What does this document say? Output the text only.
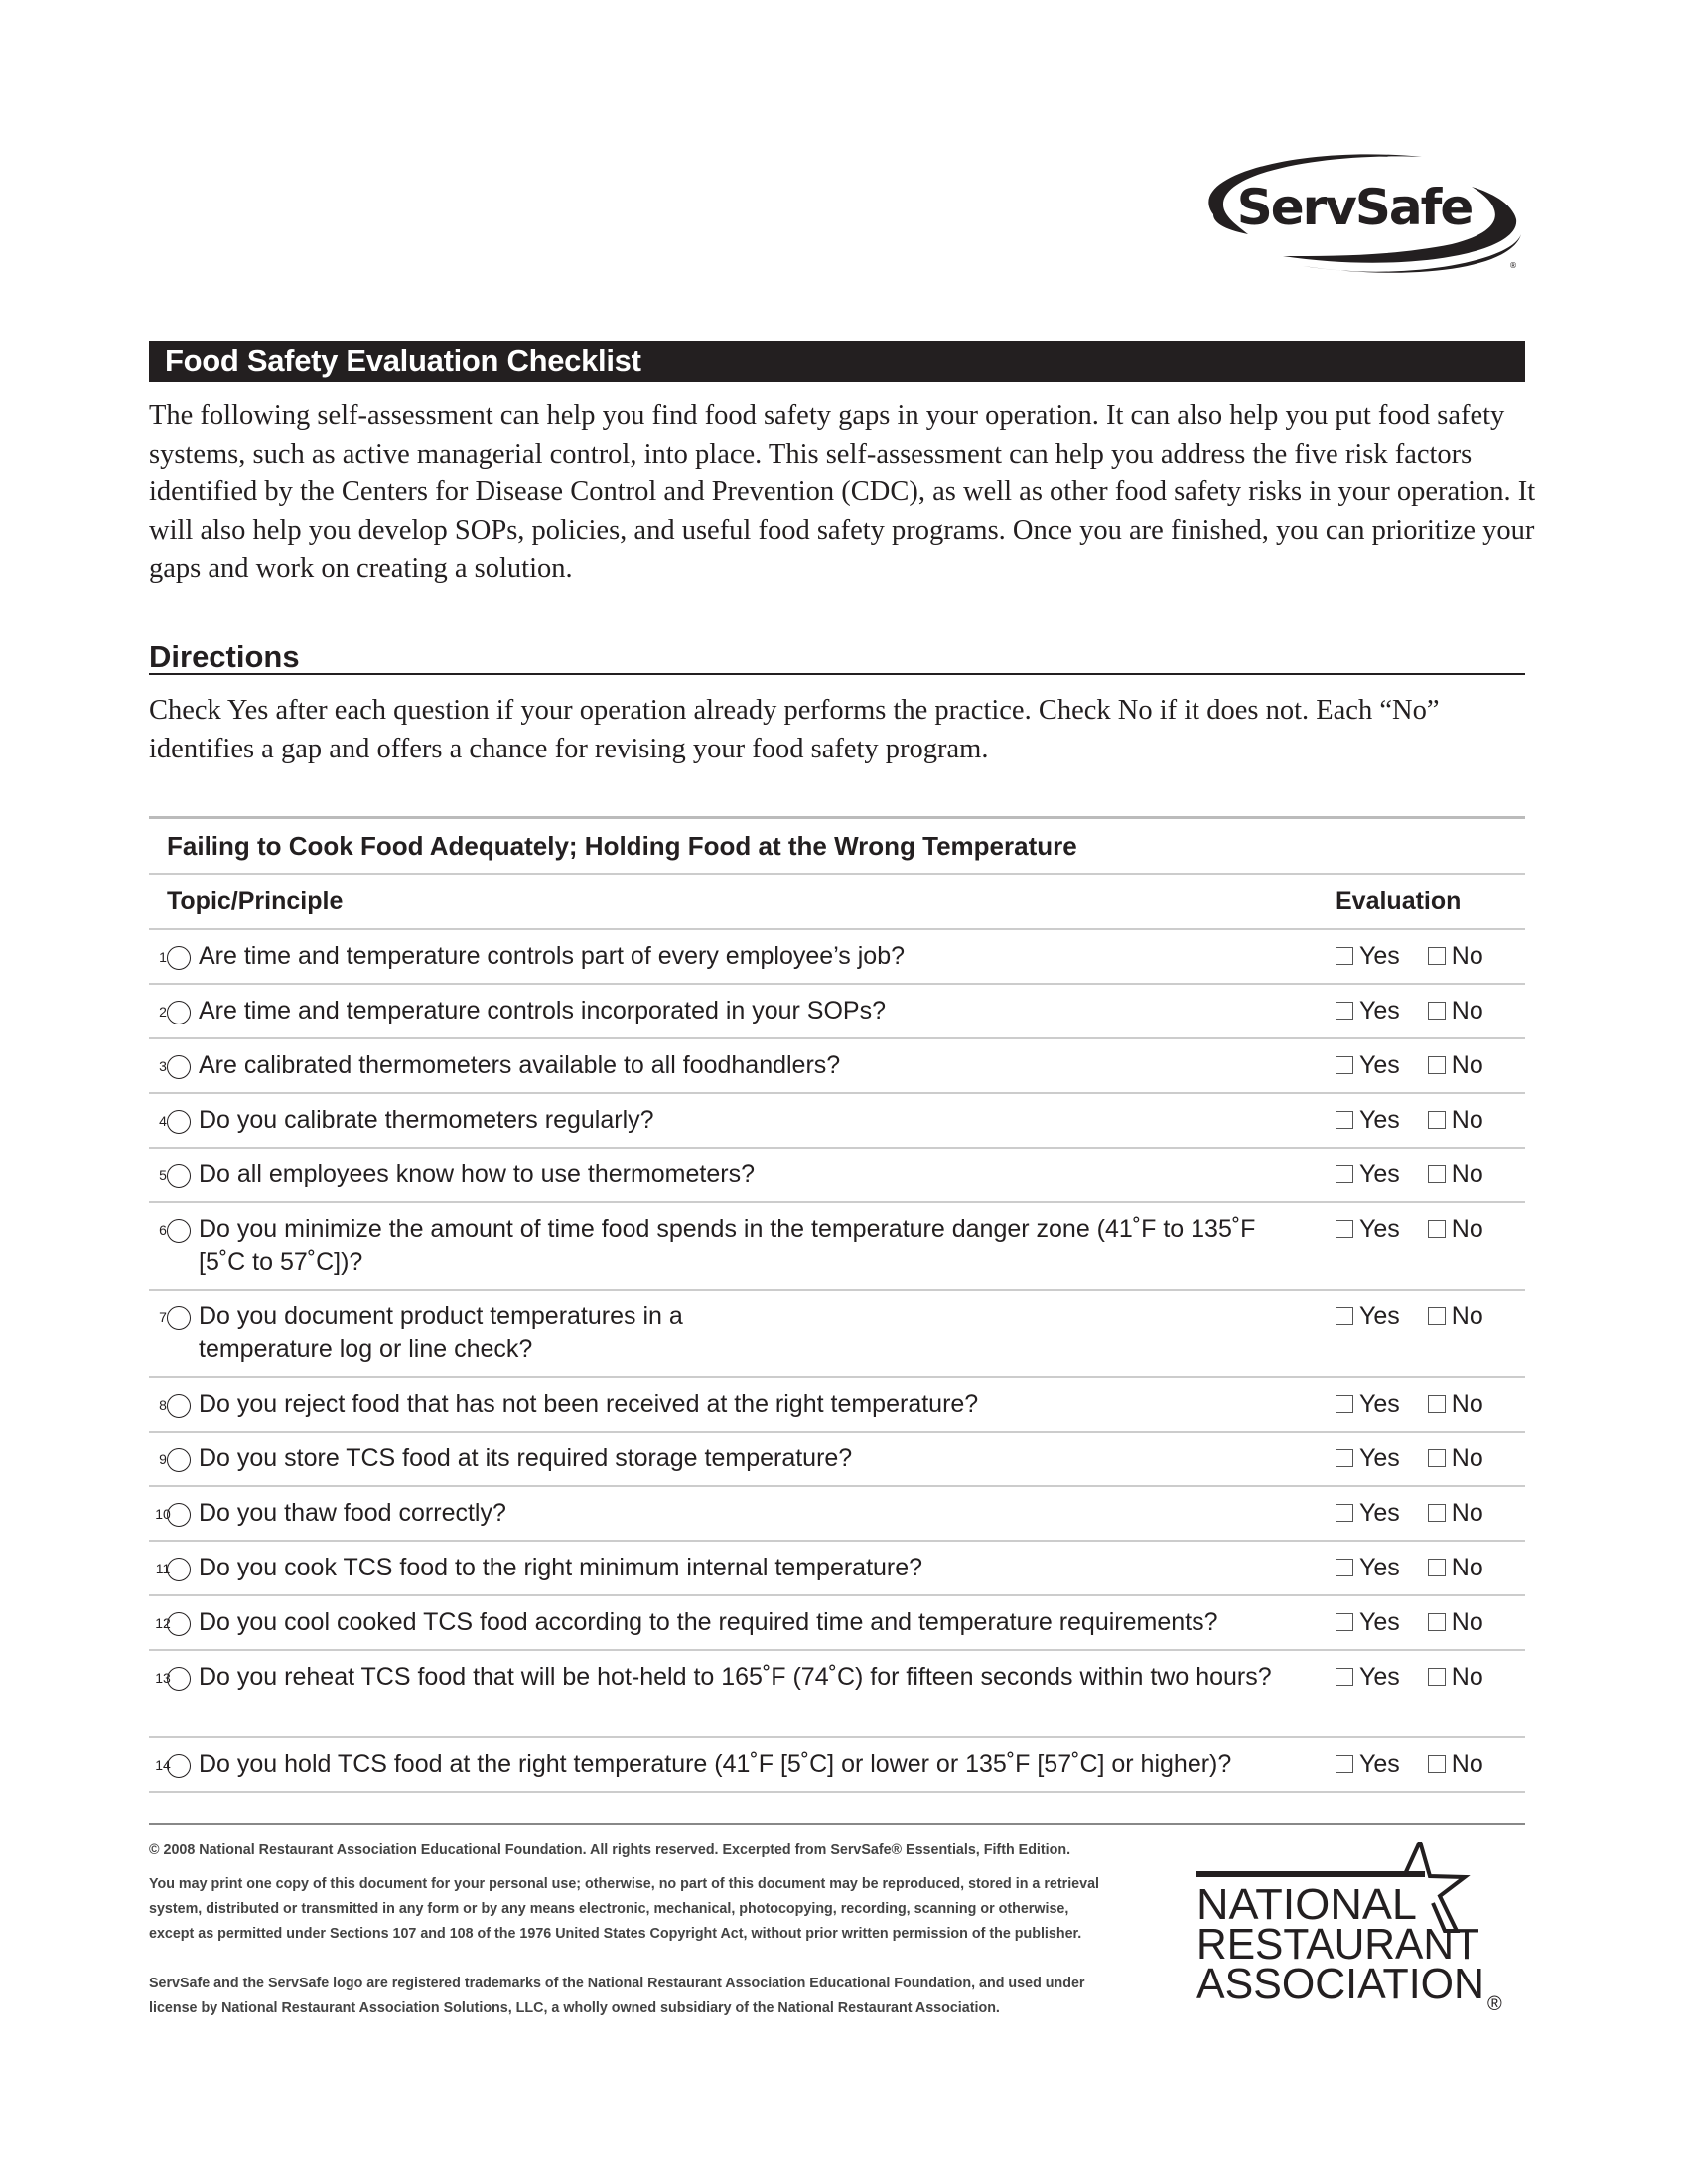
ServSafe
®
Food Safety Evaluation Checklist

The following self-assessment can help you find food safety gaps in your operation. It can also help you put food safety systems, such as active managerial control, into place. This self-assessment can help you address the five risk factors identified by the Centers for Disease Control and Prevention (CDC), as well as other food safety risks in your operation. It will also help you develop SOPs, policies, and useful food safety programs. Once you are finished, you can prioritize your gaps and work on creating a solution.

Directions

Check Yes after each question if your operation already performs the practice. Check No if it does not. Each “No” identifies a gap and offers a chance for revising your food safety program.

Failing to Cook Food Adequately; Holding Food at the Wrong Temperature
Topic/Principle	Evaluation
1 Are time and temperature controls part of every employee’s job?	Yes No
2 Are time and temperature controls incorporated in your SOPs?	Yes No
3 Are calibrated thermometers available to all foodhandlers?	Yes No
4 Do you calibrate thermometers regularly?	Yes No
5 Do all employees know how to use thermometers?	Yes No
6 Do you minimize the amount of time food spends in the temperature danger zone (41˚F to 135˚F [5˚C to 57˚C])?
Yes No
7 Do you document product temperatures in a temperature log or line check?
Yes No
8 Do you reject food that has not been received at the right temperature?	Yes No
9 Do you store TCS food at its required storage temperature?	Yes No
10 Do you thaw food correctly?	Yes No
11 Do you cook TCS food to the right minimum internal temperature?	Yes No
12 Do you cool cooked TCS food according to the required time and temperature requirements?	Yes No
13 Do you reheat TCS food that will be hot-held to 165˚F (74˚C) for fifteen seconds within two hours?	Yes No
14 Do you hold TCS food at the right temperature (41˚F [5˚C] or lower or 135˚F [57˚C] or higher)?	Yes No

© 2008 National Restaurant Association Educational Foundation. All rights reserved. Excerpted from ServSafe® Essentials, Fifth Edition.

You may print one copy of this document for your personal use; otherwise, no part of this document may be reproduced, stored in a retrieval system, distributed or transmitted in any form or by any means electronic, mechanical, photocopying, recording, scanning or otherwise, except as permitted under Sections 107 and 108 of the 1976 United States Copyright Act, without prior written permission of the publisher.

ServSafe and the ServSafe logo are registered trademarks of the National Restaurant Association Educational Foundation, and used under license by National Restaurant Association Solutions, LLC, a wholly owned subsidiary of the National Restaurant Association.

NATIONAL
RESTAURANT
ASSOCIATION ®
